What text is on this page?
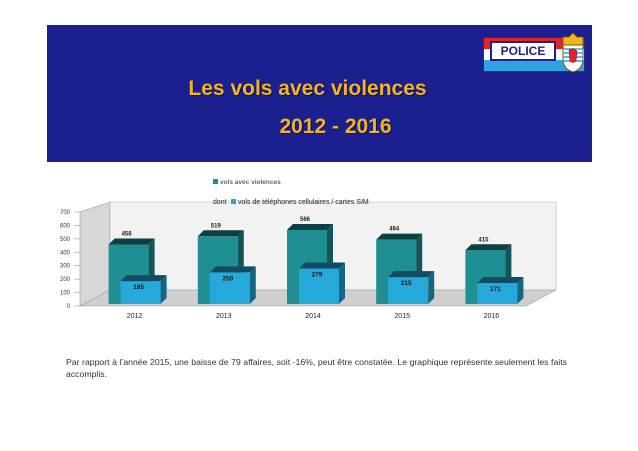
Les vols avec violences
2012 - 2016
POLICE
0
100
200
300
400
500
600
700
458
185
2012
519
250
2013
566
279
2014
494
215
2015
415
171
2016
vols avec violences
dont vols de téléphones cellulaires / cartes SIM
Par rapport à l’année 2015, une baisse de 79 affaires, soit -16%, peut être constatée. Le graphique représente seulement les faits accomplis.
